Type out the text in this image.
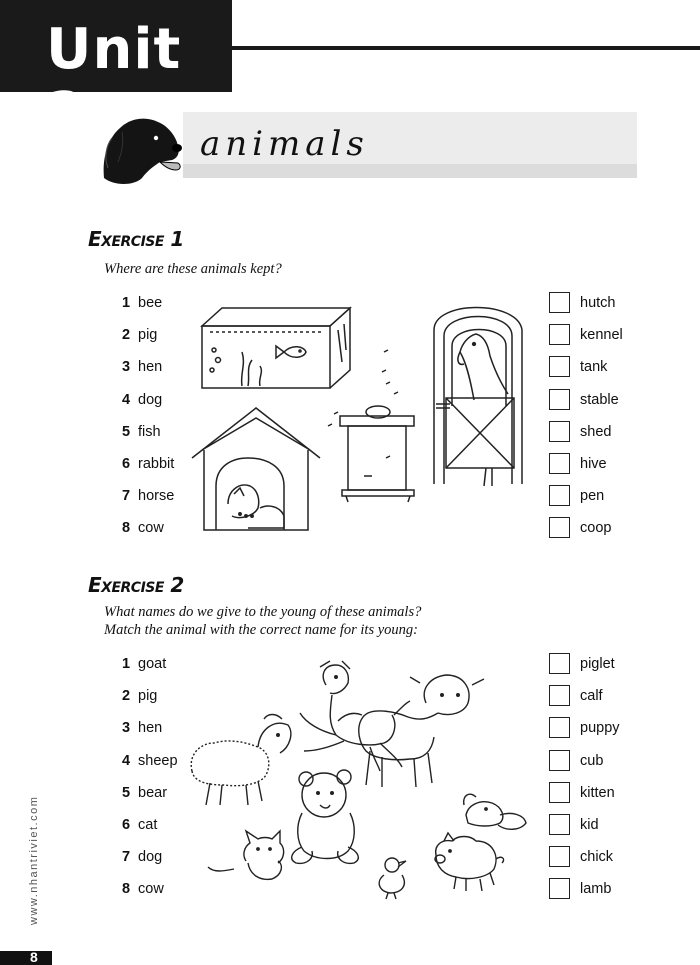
Unit 2	animals
Exercise 1
Where are these animals kept?
1 bee
2 pig
3 hen
4 dog
5 fish
6 rabbit
7 horse
8 cow
hutch
kennel
tank
stable
shed
hive
pen
coop
Exercise 2
What names do we give to the young of these animals?
Match the animal with the correct name for its young:
1 goat
2 pig
3 hen
4 sheep
5 bear
6 cat
7 dog
8 cow
piglet
calf
puppy
cub
kitten
kid
chick
lamb
www.nhantriviet.com
8
